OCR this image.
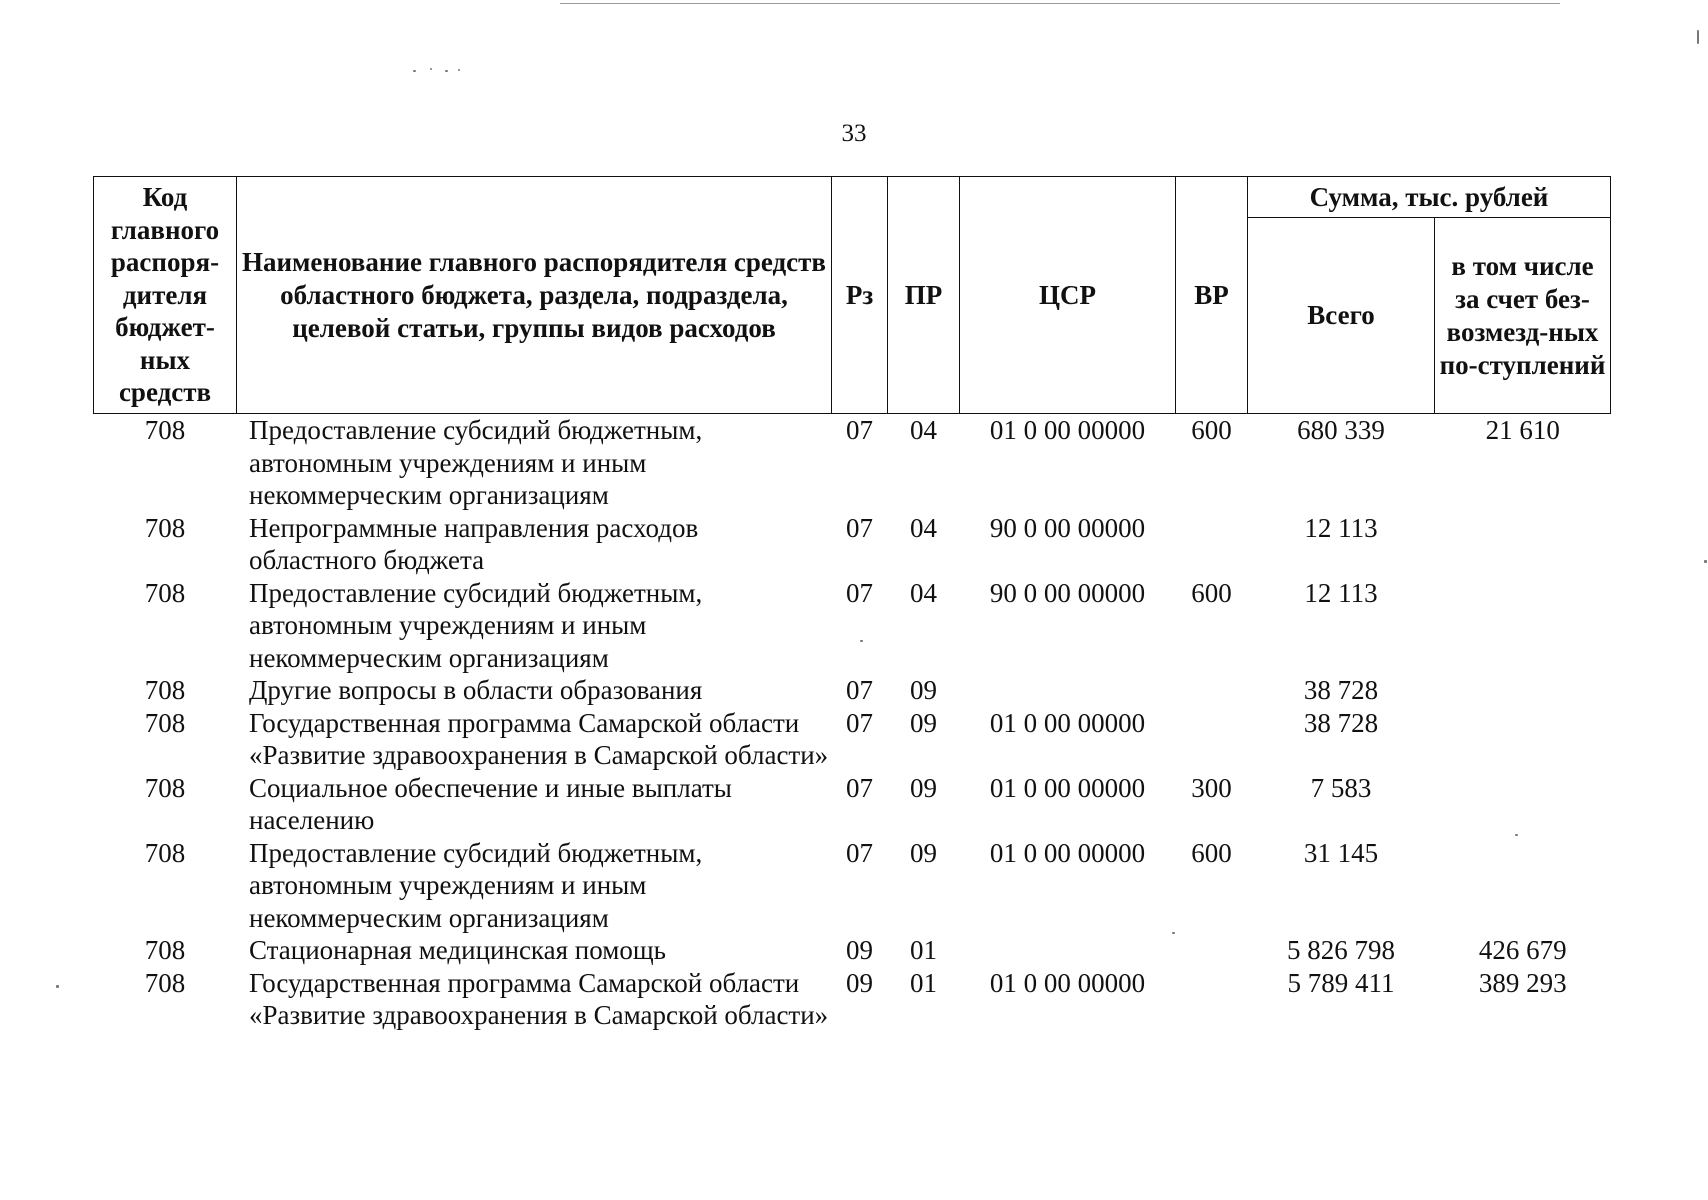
33
Код главного распоря-дителя бюджет-ных средств	Наименование главного распорядителя средств областного бюджета, раздела, подраздела, целевой статьи, группы видов расходов	Рз	ПР	ЦСР	ВР	Сумма, тыс. рублей	
						Всего	в том числе за счет без-возмезд-ных по-ступлений
708	Предоставление субсидий бюджетным, автономным учреждениям и иным некоммерческим организациям	07	04	01 0 00 00000	600	680 339	21 610
708	Непрограммные направления расходов областного бюджета	07	04	90 0 00 00000		12 113	
708	Предоставление субсидий бюджетным, автономным учреждениям и иным некоммерческим организациям	07	04	90 0 00 00000	600	12 113	
708	Другие вопросы в области образования	07	09			38 728	
708	Государственная программа Самарской области «Развитие здравоохранения в Самарской области»	07	09	01 0 00 00000		38 728	
708	Социальное обеспечение и иные выплаты населению	07	09	01 0 00 00000	300	7 583	
708	Предоставление субсидий бюджетным, автономным учреждениям и иным некоммерческим организациям	07	09	01 0 00 00000	600	31 145	
708	Стационарная медицинская помощь	09	01			5 826 798	426 679
708	Государственная программа Самарской области «Развитие здравоохранения в Самарской области»	09	01	01 0 00 00000		5 789 411	389 293
